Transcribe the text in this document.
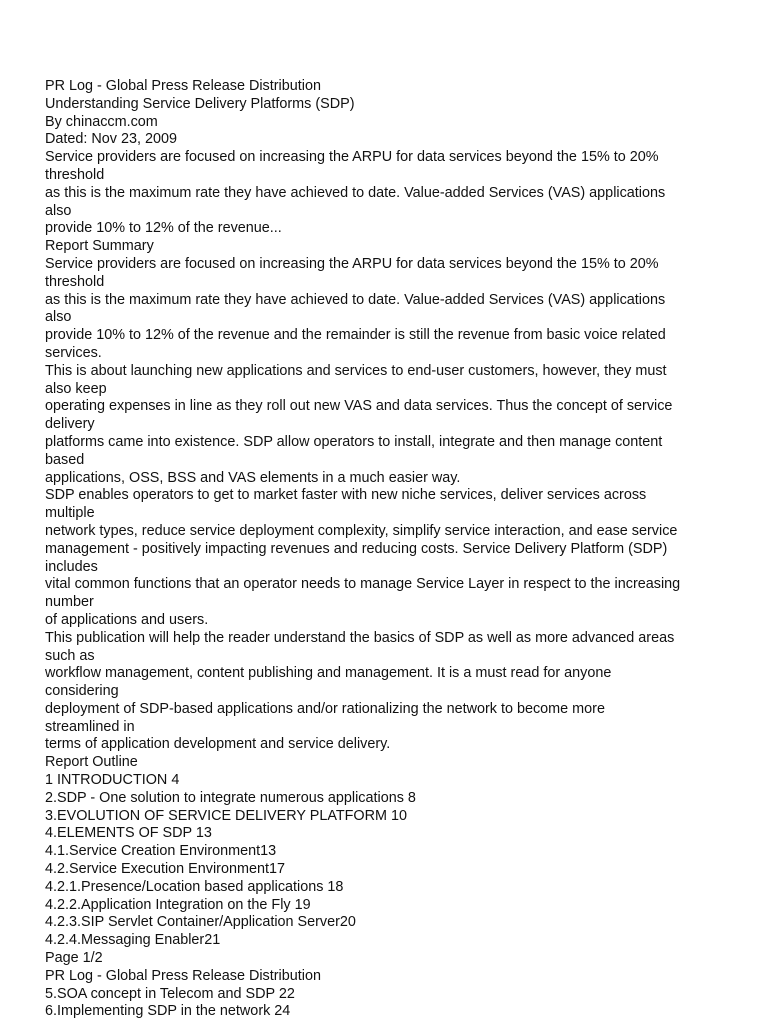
PR Log - Global Press Release Distribution
Understanding Service Delivery Platforms (SDP)
By chinaccm.com
Dated: Nov 23, 2009
Service providers are focused on increasing the ARPU for data services beyond the 15% to 20%
threshold
as this is the maximum rate they have achieved to date. Value-added Services (VAS) applications
also
provide 10% to 12% of the revenue...
Report Summary
Service providers are focused on increasing the ARPU for data services beyond the 15% to 20%
threshold
as this is the maximum rate they have achieved to date. Value-added Services (VAS) applications
also
provide 10% to 12% of the revenue and the remainder is still the revenue from basic voice related
services.
This is about launching new applications and services to end-user customers, however, they must
also keep
operating expenses in line as they roll out new VAS and data services. Thus the concept of service
delivery
platforms came into existence. SDP allow operators to install, integrate and then manage content
based
applications, OSS, BSS and VAS elements in a much easier way.
SDP enables operators to get to market faster with new niche services, deliver services across
multiple
network types, reduce service deployment complexity, simplify service interaction, and ease service
management - positively impacting revenues and reducing costs. Service Delivery Platform (SDP)
includes
vital common functions that an operator needs to manage Service Layer in respect to the increasing
number
of applications and users.
This publication will help the reader understand the basics of SDP as well as more advanced areas
such as
workflow management, content publishing and management. It is a must read for anyone
considering
deployment of SDP-based applications and/or rationalizing the network to become more
streamlined in
terms of application development and service delivery.
Report Outline
1 INTRODUCTION 4
2.SDP - One solution to integrate numerous applications 8
3.EVOLUTION OF SERVICE DELIVERY PLATFORM 10
4.ELEMENTS OF SDP 13
4.1.Service Creation Environment13
4.2.Service Execution Environment17
4.2.1.Presence/Location based applications 18
4.2.2.Application Integration on the Fly 19
4.2.3.SIP Servlet Container/Application Server20
4.2.4.Messaging Enabler21
Page 1/2
PR Log - Global Press Release Distribution
5.SOA concept in Telecom and SDP 22
6.Implementing SDP in the network 24
